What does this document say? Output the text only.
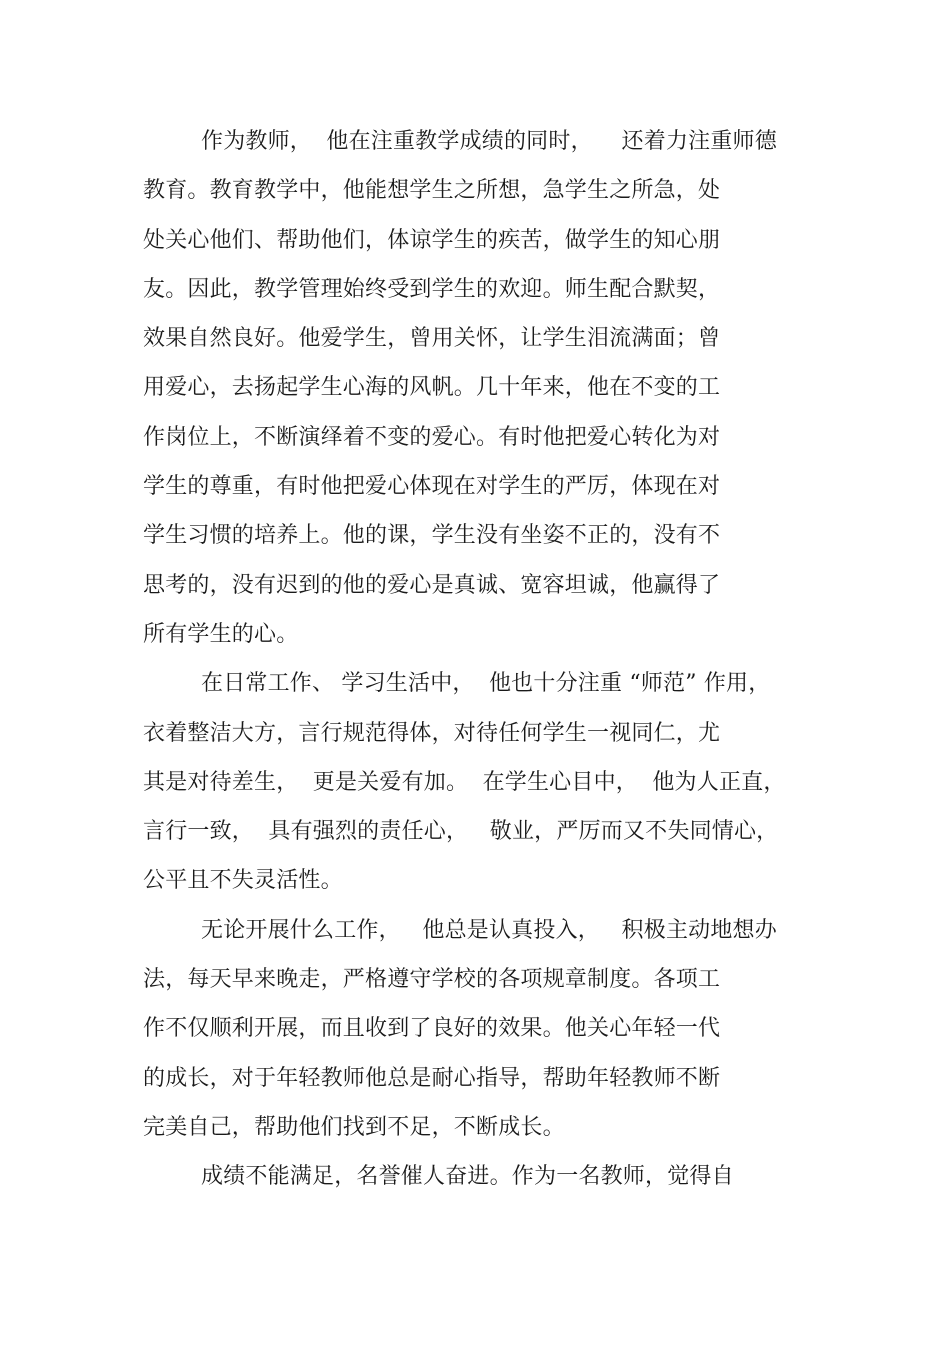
作为教师，  他在注重教学成绩的同时，    还着力注重师德
教育。教育教学中，他能想学生之所想，急学生之所急，处
处关心他们、帮助他们，体谅学生的疾苦，做学生的知心朋
友。因此，教学管理始终受到学生的欢迎。师生配合默契，
效果自然良好。他爱学生，曾用关怀，让学生泪流满面；曾
用爱心，去扬起学生心海的风帆。几十年来，他在不变的工
作岗位上，不断演绎着不变的爱心。有时他把爱心转化为对
学生的尊重，有时他把爱心体现在对学生的严厉，体现在对
学生习惯的培养上。他的课，学生没有坐姿不正的，没有不
思考的，没有迟到的他的爱心是真诚、宽容坦诚，他赢得了
所有学生的心。
在日常工作、 学习生活中，  他也十分注重 “师范” 作用，
衣着整洁大方，言行规范得体，对待任何学生一视同仁，尤
其是对待差生，  更是关爱有加。  在学生心目中，  他为人正直，
言行一致，  具有强烈的责任心，   敬业，严厉而又不失同情心，
公平且不失灵活性。
无论开展什么工作，   他总是认真投入，   积极主动地想办
法，每天早来晚走，严格遵守学校的各项规章制度。各项工
作不仅顺利开展，而且收到了良好的效果。他关心年轻一代
的成长，对于年轻教师他总是耐心指导，帮助年轻教师不断
完美自己，帮助他们找到不足，不断成长。
成绩不能满足，名誉催人奋进。作为一名教师，觉得自
